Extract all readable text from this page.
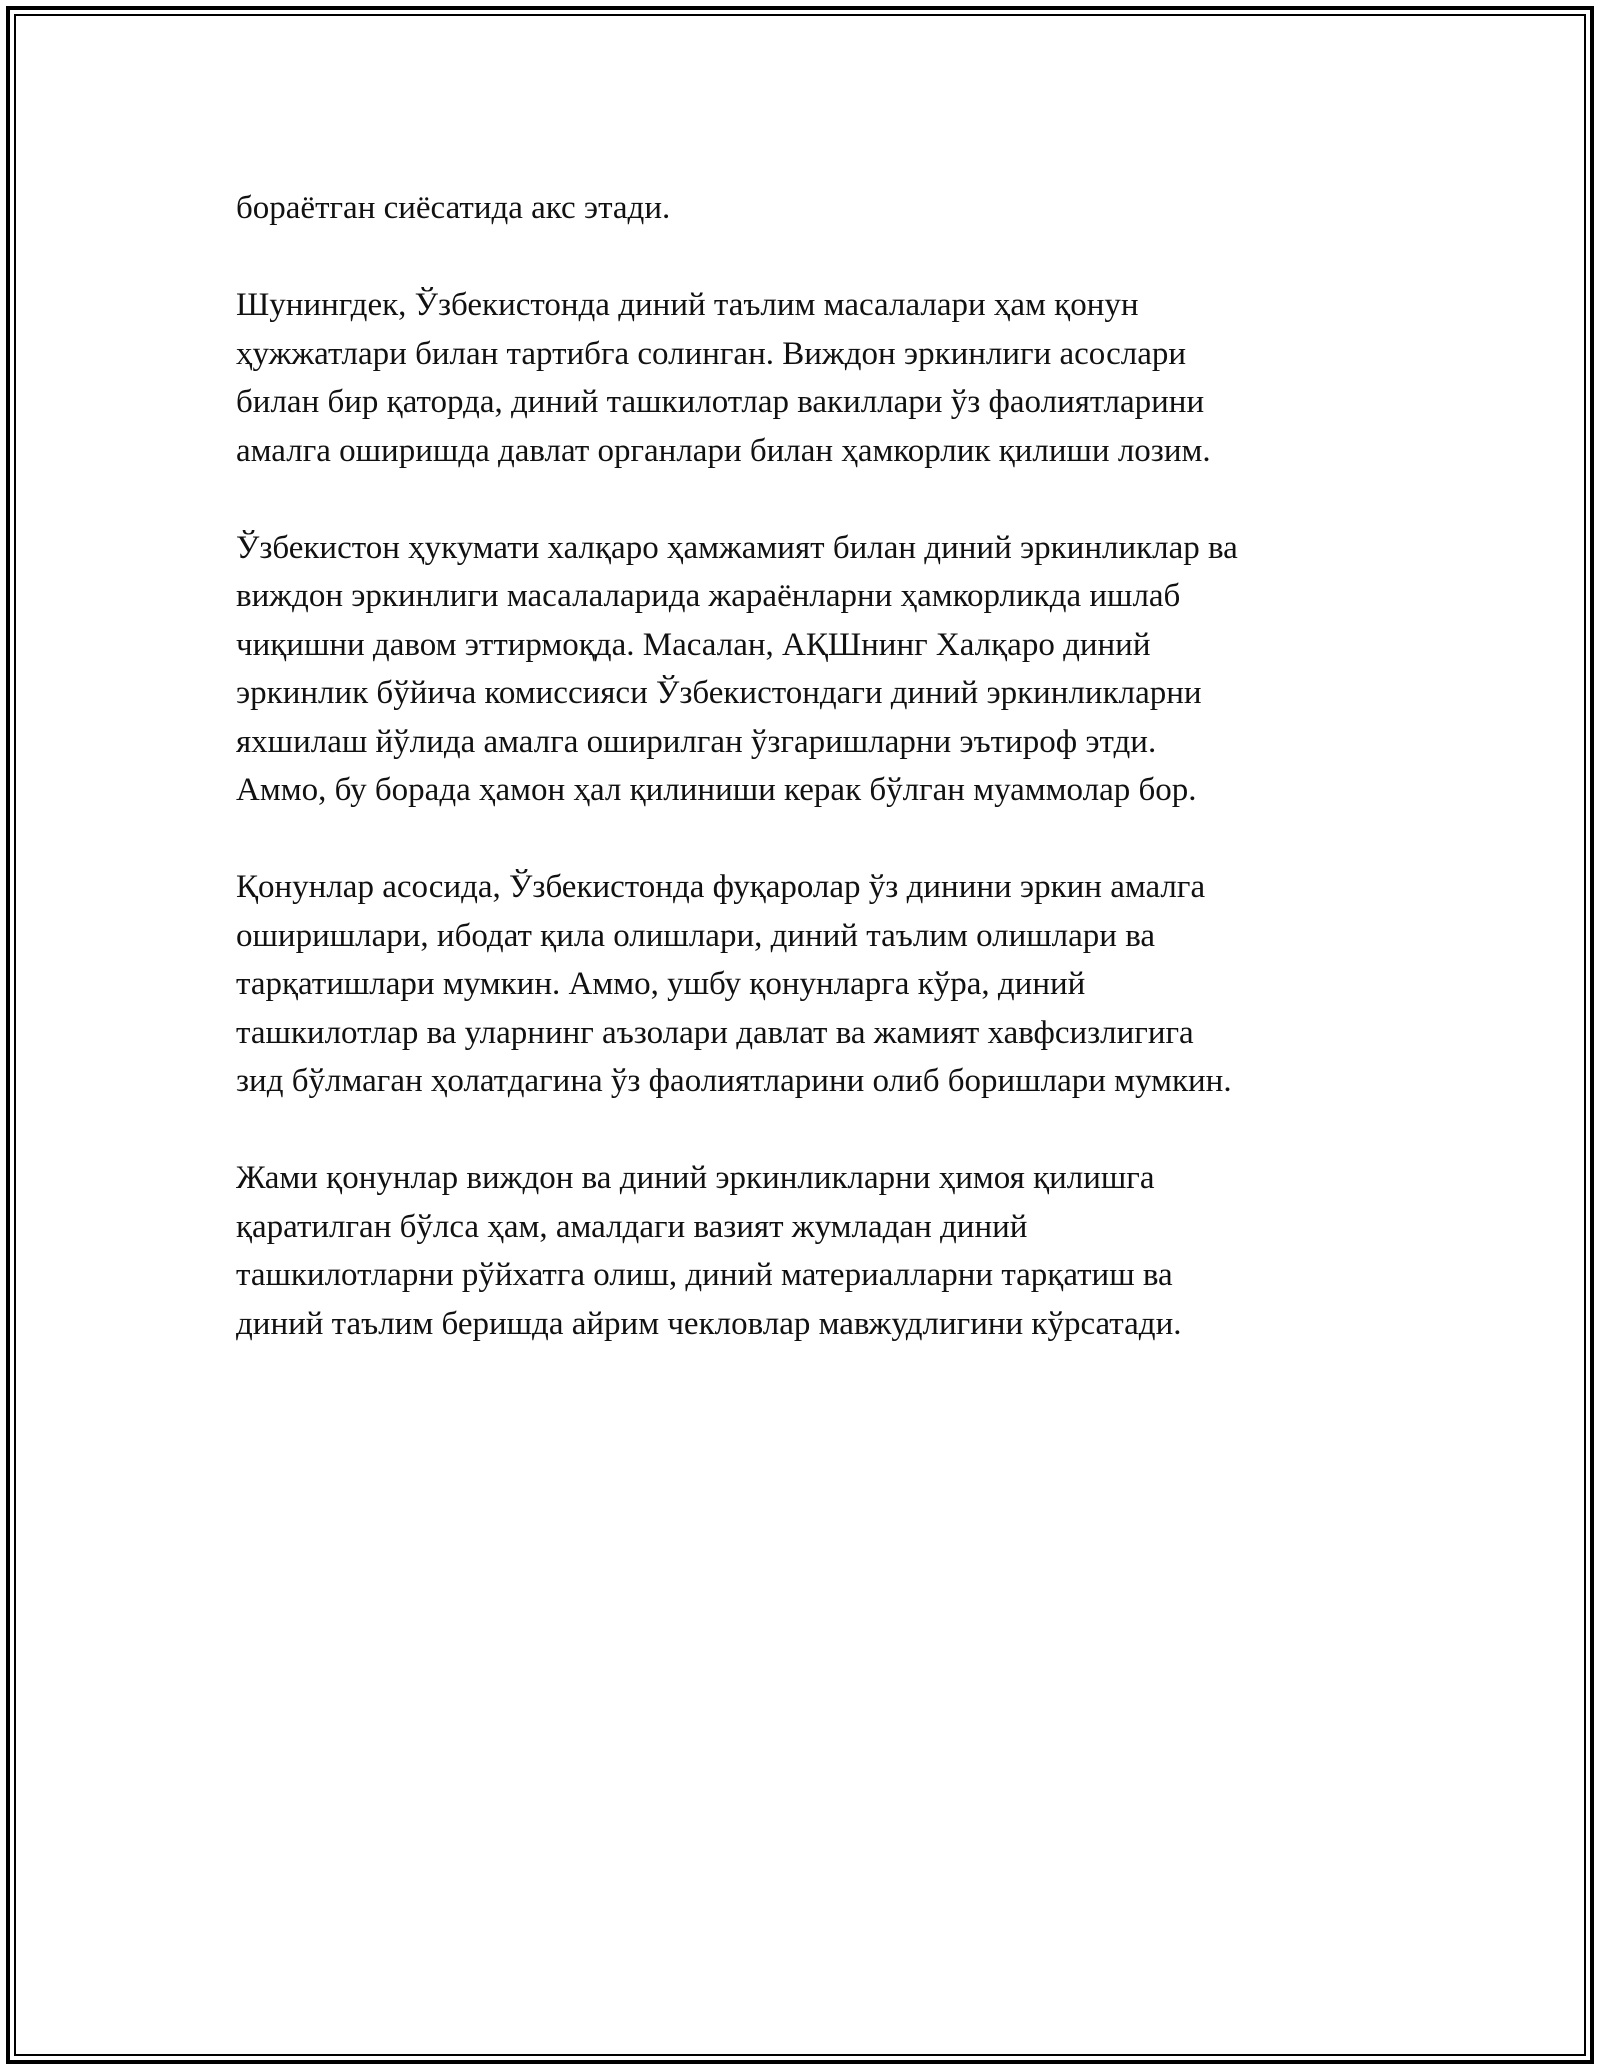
бораётган сиёсатида акс этади.
Шунингдек, Ўзбекистонда диний таълим масалалари ҳам қонун
ҳужжатлари билан тартибга солинган. Виждон эркинлиги асослари
билан бир қаторда, диний ташкилотлар вакиллари ўз фаолиятларини
амалга оширишда давлат органлари билан ҳамкорлик қилиши лозим.
Ўзбекистон ҳукумати халқаро ҳамжамият билан диний эркинликлар ва
виждон эркинлиги масалаларида жараёнларни ҳамкорликда ишлаб
чиқишни давом эттирмоқда. Масалан, АҚШнинг Халқаро диний
эркинлик бўйича комиссияси Ўзбекистондаги диний эркинликларни
яхшилаш йўлида амалга оширилган ўзгаришларни эътироф этди.
Аммо, бу борада ҳамон ҳал қилиниши керак бўлган муаммолар бор.
Қонунлар асосида, Ўзбекистонда фуқаролар ўз динини эркин амалга
оширишлари, ибодат қила олишлари, диний таълим олишлари ва
тарқатишлари мумкин. Аммо, ушбу қонунларга кўра, диний
ташкилотлар ва уларнинг аъзолари давлат ва жамият хавфсизлигига
зид бўлмаган ҳолатдагина ўз фаолиятларини олиб боришлари мумкин.
Жами қонунлар виждон ва диний эркинликларни ҳимоя қилишга
қаратилган бўлса ҳам, амалдаги вазият жумладан диний
ташкилотларни рўйхатга олиш, диний материалларни тарқатиш ва
диний таълим беришда айрим чекловлар мавжудлигини кўрсатади.
